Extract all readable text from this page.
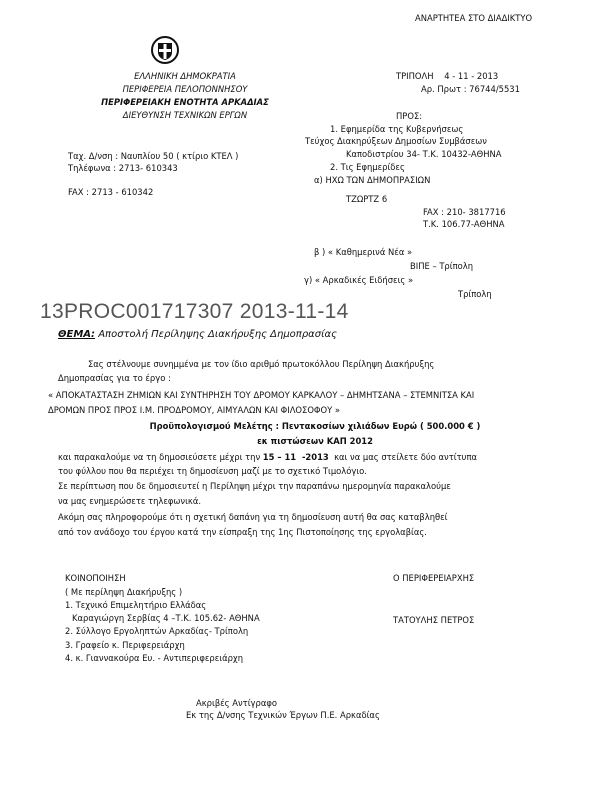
ΑΝΑΡΤΗΤΕΑ ΣΤΟ ΔΙΑΔΙΚΤΥΟ
ΕΛΛΗΝΙΚΗ ΔΗΜΟΚΡΑΤΙΑ
ΠΕΡΙΦΕΡΕΙΑ ΠΕΛΟΠΟΝΝΗΣΟΥ
ΠΕΡΙΦΕΡΕΙΑΚΗ ΕΝΟΤΗΤΑ ΑΡΚΑΔΙΑΣ
ΔΙΕΥΘΥΝΣΗ ΤΕΧΝΙΚΩΝ ΕΡΓΩΝ
Ταχ. Δ/νση : Ναυπλίου 50 ( κτίριο ΚΤΕΛ )
Τηλέφωνα : 2713- 610343
FAX : 2713 - 610342
ΤΡΙΠΟΛΗ    4 - 11 - 2013
Αρ. Πρωτ : 76744/5531
ΠΡΟΣ:
1. Εφημερίδα της Κυβερνήσεως
Τεύχος Διακηρύξεων Δημοσίων Συμβάσεων
Καποδιστρίου 34- Τ.Κ. 10432-ΑΘΗΝΑ
2. Τις Εφημερίδες
α) ΗΧΩ ΤΩΝ ΔΗΜΟΠΡΑΣΙΩΝ
ΤΖΩΡΤΖ 6
FAX : 210- 3817716
Τ.Κ. 106.77-ΑΘΗΝΑ
β ) « Καθημερινά Νέα »
ΒΙΠΕ – Τρίπολη
γ) « Αρκαδικές Ειδήσεις »
Τρίπολη
13PROC001717307 2013-11-14
ΘΕΜΑ: Αποστολή Περίληψης Διακήρυξης Δημοπρασίας
Σας στέλνουμε συνημμένα με τον ίδιο αριθμό πρωτοκόλλου Περίληψη Διακήρυξης
Δημοπρασίας για το έργο :
« ΑΠΟΚΑΤΑΣΤΑΣΗ ΖΗΜΙΩΝ ΚΑΙ ΣΥΝΤΗΡΗΣΗ ΤΟΥ ΔΡΟΜΟΥ ΚΑΡΚΑΛΟΥ – ΔΗΜΗΤΣΑΝΑ – ΣΤΕΜΝΙΤΣΑ ΚΑΙ
ΔΡΟΜΩΝ ΠΡΟΣ ΠΡΟΣ Ι.Μ. ΠΡΟΔΡΟΜΟΥ, ΑΙΜΥΑΛΩΝ ΚΑΙ ΦΙΛΟΣΟΦΟΥ »
Προϋπολογισμού Μελέτης : Πεντακοσίων χιλιάδων Ευρώ ( 500.000 € )
εκ πιστώσεων ΚΑΠ 2012
και παρακαλούμε να τη δημοσιεύσετε μέχρι την 15 – 11  -2013  και να μας στείλετε δύο αντίτυπα
του φύλλου που θα περιέχει τη δημοσίευση μαζί με το σχετικό Τιμολόγιο.
Σε περίπτωση που δε δημοσιευτεί η Περίληψη μέχρι την παραπάνω ημερομηνία παρακαλούμε
να μας ενημερώσετε τηλεφωνικά.
Ακόμη σας πληροφορούμε ότι η σχετική δαπάνη για τη δημοσίευση αυτή θα σας καταβληθεί
από τον ανάδοχο του έργου κατά την είσπραξη της 1ης Πιστοποίησης της εργολαβίας.
ΚΟΙΝΟΠΟΙΗΣΗ
( Με περίληψη Διακήρυξης )
1. Τεχνικό Επιμελητήριο Ελλάδας
Καραγιώργη Σερβίας 4 –Τ.Κ. 105.62- ΑΘΗΝΑ
2. Σύλλογο Εργοληπτών Αρκαδίας- Τρίπολη
3. Γραφείο κ. Περιφερειάρχη
4. κ. Γιαννακούρα Ευ. - Αντιπεριφερειάρχη
Ο ΠΕΡΙΦΕΡΕΙΑΡΧΗΣ
ΤΑΤΟΥΛΗΣ ΠΕΤΡΟΣ
Ακριβές Αντίγραφο
Εκ της Δ/νσης Τεχνικών Έργων Π.Ε. Αρκαδίας
